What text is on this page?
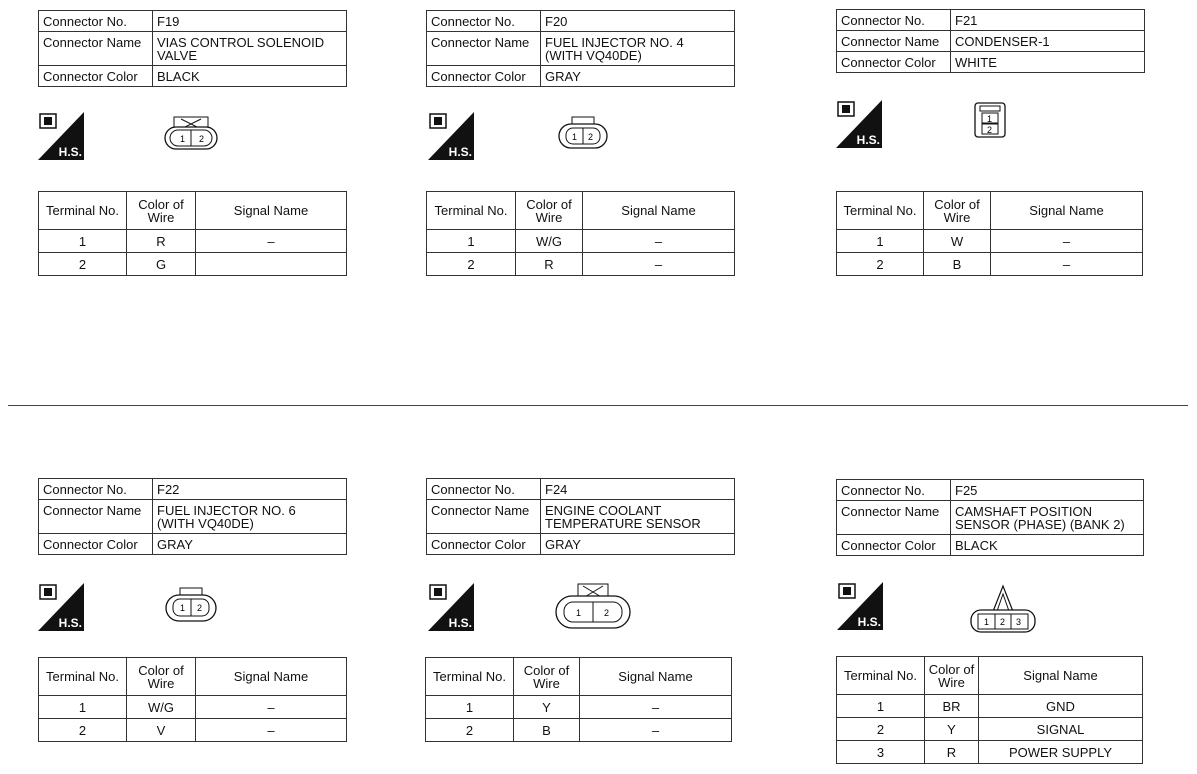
Connector No.	F19
Connector Name	VIAS CONTROL SOLENOID
VALVE
Connector Color	BLACK
H.S.
1 2
Terminal No.	Color of
Wire	Signal Name
1	R	–
2	G	
Connector No.	F20
Connector Name	FUEL INJECTOR NO. 4
(WITH VQ40DE)
Connector Color	GRAY
H.S.
1 2
Terminal No.	Color of
Wire	Signal Name
1	W/G	–
2	R	–
Connector No.	F21
Connector Name	CONDENSER-1
Connector Color	WHITE
H.S.
1
2
Terminal No.	Color of
Wire	Signal Name
1	W	–
2	B	–
Connector No.	F22
Connector Name	FUEL INJECTOR NO. 6
(WITH VQ40DE)
Connector Color	GRAY
H.S.
1 2
Terminal No.	Color of
Wire	Signal Name
1	W/G	–
2	V	–
Connector No.	F24
Connector Name	ENGINE COOLANT
TEMPERATURE SENSOR
Connector Color	GRAY
H.S.
1	2
Terminal No.	Color of
Wire	Signal Name
1	Y	–
2	B	–
Connector No.	F25
Connector Name	CAMSHAFT POSITION
SENSOR (PHASE) (BANK 2)
Connector Color	BLACK
H.S.	1 2 3
Terminal No.	Color of
Wire	Signal Name
1	BR	GND
2	Y	SIGNAL
3	R	POWER SUPPLY
